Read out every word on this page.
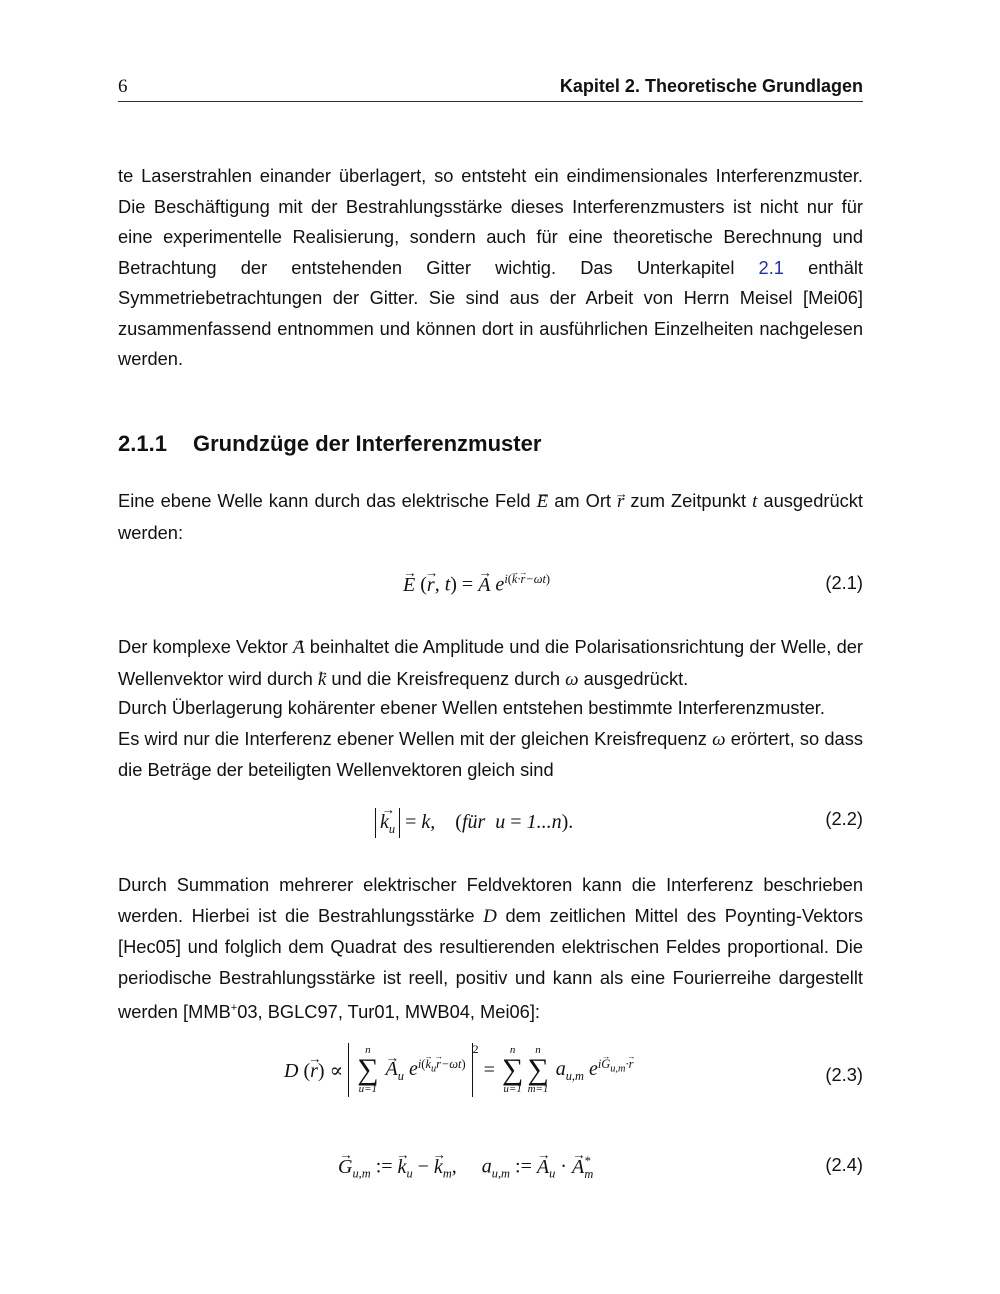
6	Kapitel 2. Theoretische Grundlagen
te Laserstrahlen einander überlagert, so entsteht ein eindimensionales Interferenzmuster. Die Beschäftigung mit der Bestrahlungsstärke dieses Interferenzmusters ist nicht nur für eine experimentelle Realisierung, sondern auch für eine theoretische Berechnung und Betrachtung der entstehenden Gitter wichtig. Das Unterkapitel 2.1 enthält Symmetriebetrachtungen der Gitter. Sie sind aus der Arbeit von Herrn Meisel [Mei06] zusammenfassend entnommen und können dort in ausführlichen Einzelheiten nachgelesen werden.
2.1.1 Grundzüge der Interferenzmuster
Eine ebene Welle kann durch das elektrische Feld → E am Ort → r zum Zeitpunkt t ausgedrückt werden:
→ E (→ r, t) = → A $e^{i(\to k\cdot\to r-\omega t)}$	(2.1)
Der komplexe Vektor → A beinhaltet die Amplitude und die Polarisationsrichtung der Welle, der Wellenvektor wird durch → k und die Kreisfrequenz durch ω ausgedrückt.
Durch Überlagerung kohärenter ebener Wellen entstehen bestimmte Interferenzmuster.
Es wird nur die Interferenz ebener Wellen mit der gleichen Kreisfrequenz ω erörtert, so dass die Beträge der beteiligten Wellenvektoren gleich sind
→ $k_u = k$,    (für  u = 1...n).	(2.2)
Durch Summation mehrerer elektrischer Feldvektoren kann die Interferenz beschrieben werden. Hierbei ist die Bestrahlungsstärke D dem zeitlichen Mittel des Poynting-Vektors [Hec05] und folglich dem Quadrat des resultierenden elektrischen Feldes proportional. Die periodische Bestrahlungsstärke ist reell, positiv und kann als eine Fourierreihe dargestellt werden [MMB+03, BGLC97, Tur01, MWB04, Mei06]:
D (→ r) ∝
n
∑
u=1
→ $A_u$ $e^{i(\to k_u\to r-\omega t)2}$ =
n
∑
u=1
n
∑
m=1
$a_{u,m}$ $e^{i\to G_{u,m}\cdot\to r}$
(2.3)
→ $G_{u,m}$ := → $k_u$ − → $k_m$,     $a_{u,m}$ := → $A_u$ · → $A^*_m$	(2.4)
